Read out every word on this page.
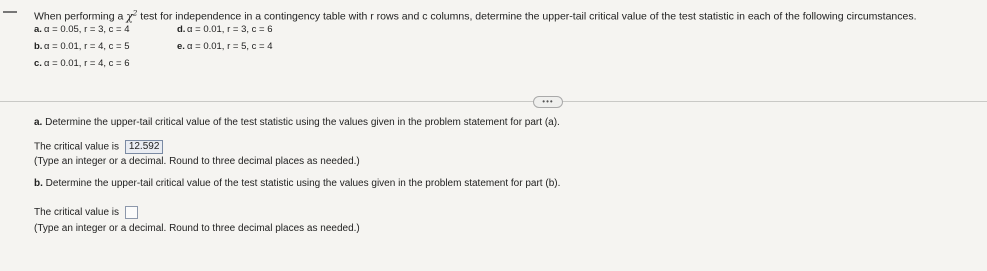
When performing a $\chi^2$ test for independence in a contingency table with r rows and c columns, determine the upper-tail critical value of the test statistic in each of the following circumstances.
a. α = 0.05, r = 3, c = 4	d. α = 0.01, r = 3, c = 6
b. α = 0.01, r = 4, c = 5	e. α = 0.01, r = 5, c = 4
c. α = 0.01, r = 4, c = 6
•••
a. Determine the upper-tail critical value of the test statistic using the values given in the problem statement for part (a).
The critical value is 12.592
(Type an integer or a decimal. Round to three decimal places as needed.)
b. Determine the upper-tail critical value of the test statistic using the values given in the problem statement for part (b).
The critical value is
(Type an integer or a decimal. Round to three decimal places as needed.)
